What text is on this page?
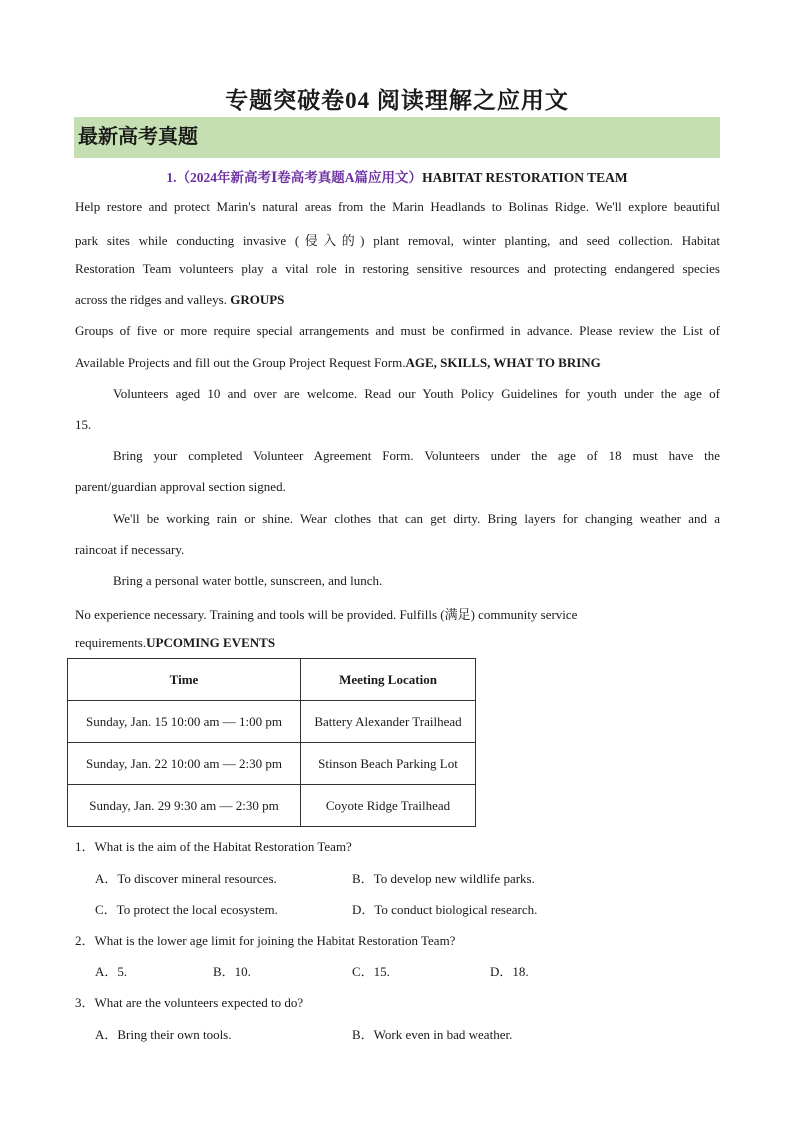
专题突破卷04 阅读理解之应用文
最新高考真题
1.（2024年新高考Ⅰ卷高考真题A篇应用文）HABITAT RESTORATION TEAM
Help restore and protect Marin's natural areas from the Marin Headlands to Bolinas Ridge. We'll explore beautiful
park sites while conducting invasive (侵入的) plant removal, winter planting, and seed collection. Habitat
Restoration Team volunteers play a vital role in restoring sensitive resources and protecting endangered species
across the ridges and valleys. GROUPS
Groups of five or more require special arrangements and must be confirmed in advance. Please review the List of
Available Projects and fill out the Group Project Request Form.AGE, SKILLS, WHAT TO BRING
Volunteers aged 10 and over are welcome. Read our Youth Policy Guidelines for youth under the age of
15.
Bring your completed Volunteer Agreement Form. Volunteers under the age of 18 must have the
parent/guardian approval section signed.
We'll be working rain or shine. Wear clothes that can get dirty. Bring layers for changing weather and a
raincoat if necessary.
Bring a personal water bottle, sunscreen, and lunch.
No experience necessary. Training and tools will be provided. Fulfills (满足) community service
requirements.UPCOMING EVENTS
Time	Meeting Location
Sunday, Jan. 15 10:00 am — 1:00 pm	Battery Alexander Trailhead
Sunday, Jan. 22 10:00 am — 2:30 pm	Stinson Beach Parking Lot
Sunday, Jan. 29 9:30 am — 2:30 pm	Coyote Ridge Trailhead
1．What is the aim of the Habitat Restoration Team?
A．To discover mineral resources.	B．To develop new wildlife parks.
C．To protect the local ecosystem.	D．To conduct biological research.
2．What is the lower age limit for joining the Habitat Restoration Team?
A．5.	B．10.	C．15.	D．18.
3．What are the volunteers expected to do?
A．Bring their own tools.	B．Work even in bad weather.
